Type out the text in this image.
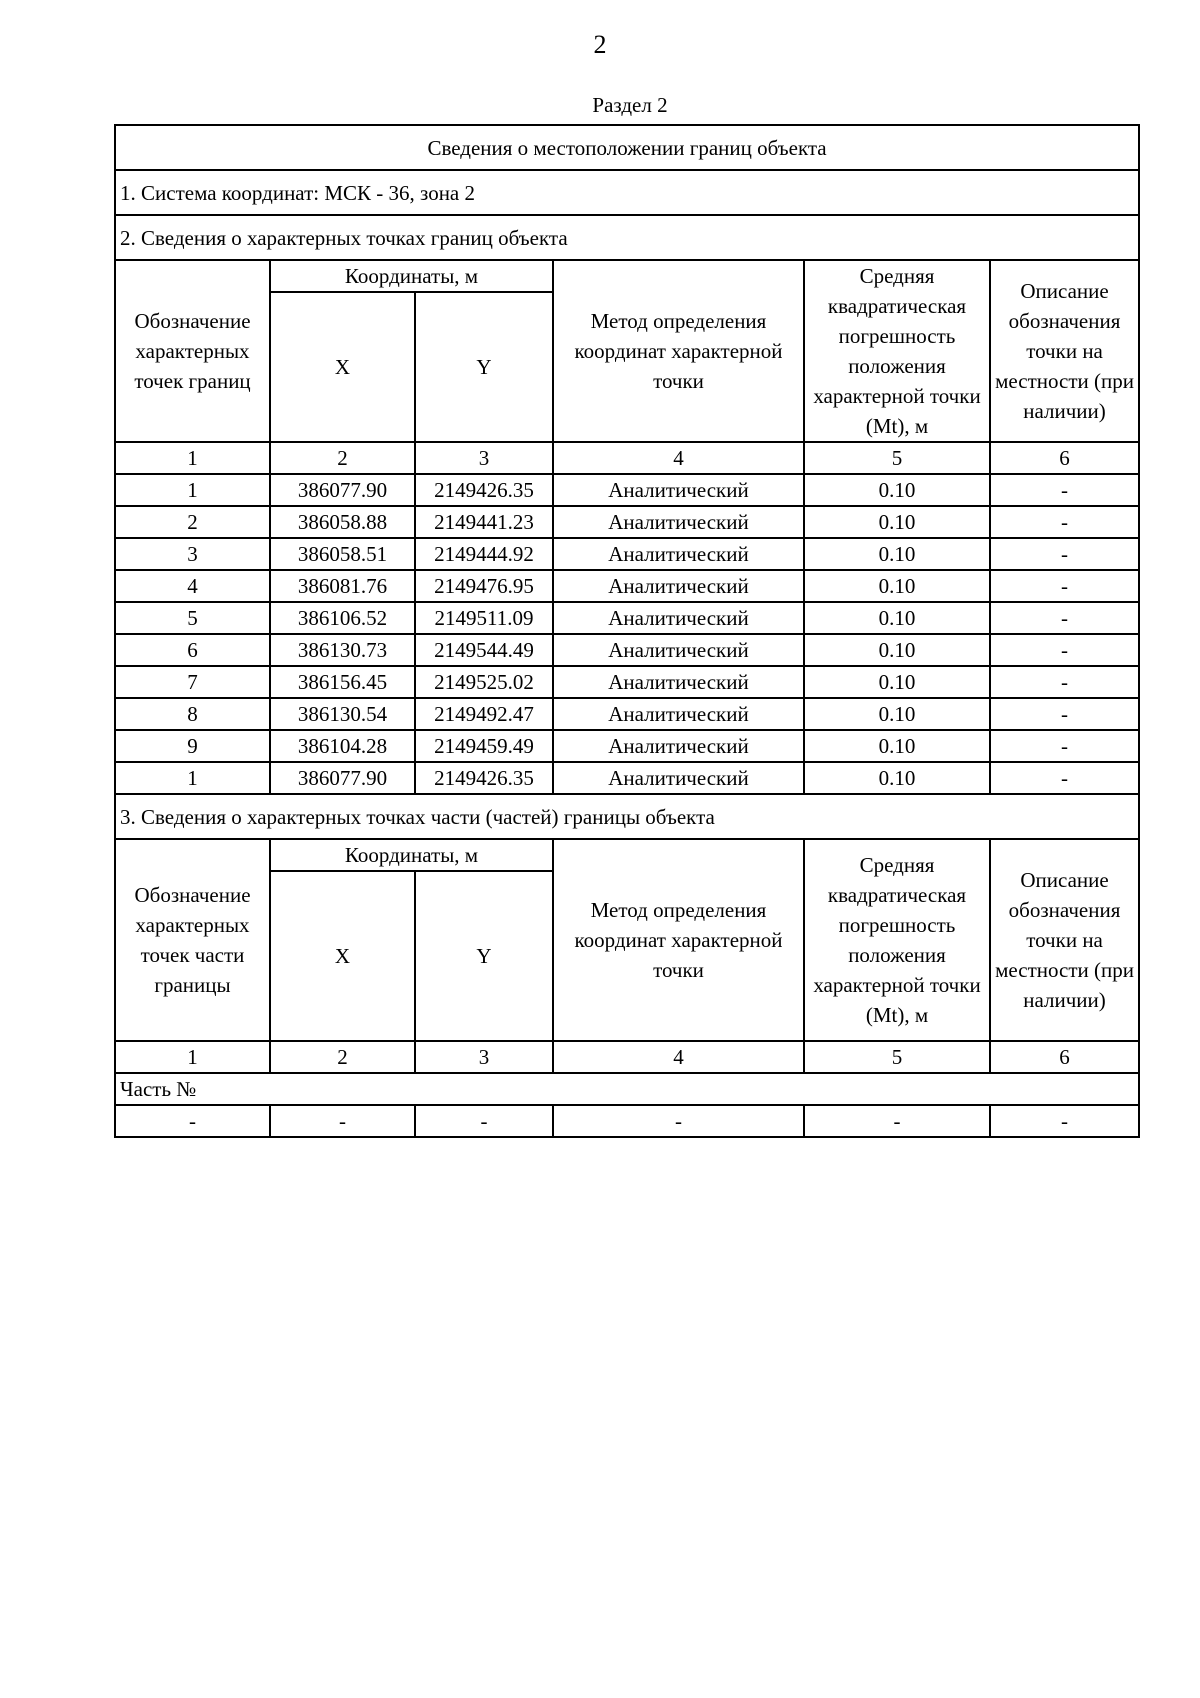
2
Раздел 2
Сведения о местоположении границ объекта					
1. Система координат: МСК - 36, зона 2					
2. Сведения о характерных точках границ объекта					
Обозначение характерных точек границ	Координаты, м		Метод определения координат характерной точки	Средняя квадратическая погрешность положения характерной точки (Mt), м	Описание обозначения точки на местности (при наличии)
	X	Y			
1	2	3	4	5	6
1	386077.90	2149426.35	Аналитический	0.10	-
2	386058.88	2149441.23	Аналитический	0.10	-
3	386058.51	2149444.92	Аналитический	0.10	-
4	386081.76	2149476.95	Аналитический	0.10	-
5	386106.52	2149511.09	Аналитический	0.10	-
6	386130.73	2149544.49	Аналитический	0.10	-
7	386156.45	2149525.02	Аналитический	0.10	-
8	386130.54	2149492.47	Аналитический	0.10	-
9	386104.28	2149459.49	Аналитический	0.10	-
1	386077.90	2149426.35	Аналитический	0.10	-
3. Сведения о характерных точках части (частей) границы объекта					
Обозначение характерных точек части границы	Координаты, м		Метод определения координат характерной точки	Средняя квадратическая погрешность положения характерной точки (Mt), м	Описание обозначения точки на местности (при наличии)
	X	Y			
1	2	3	4	5	6
Часть №					
-	-	-	-	-	-
